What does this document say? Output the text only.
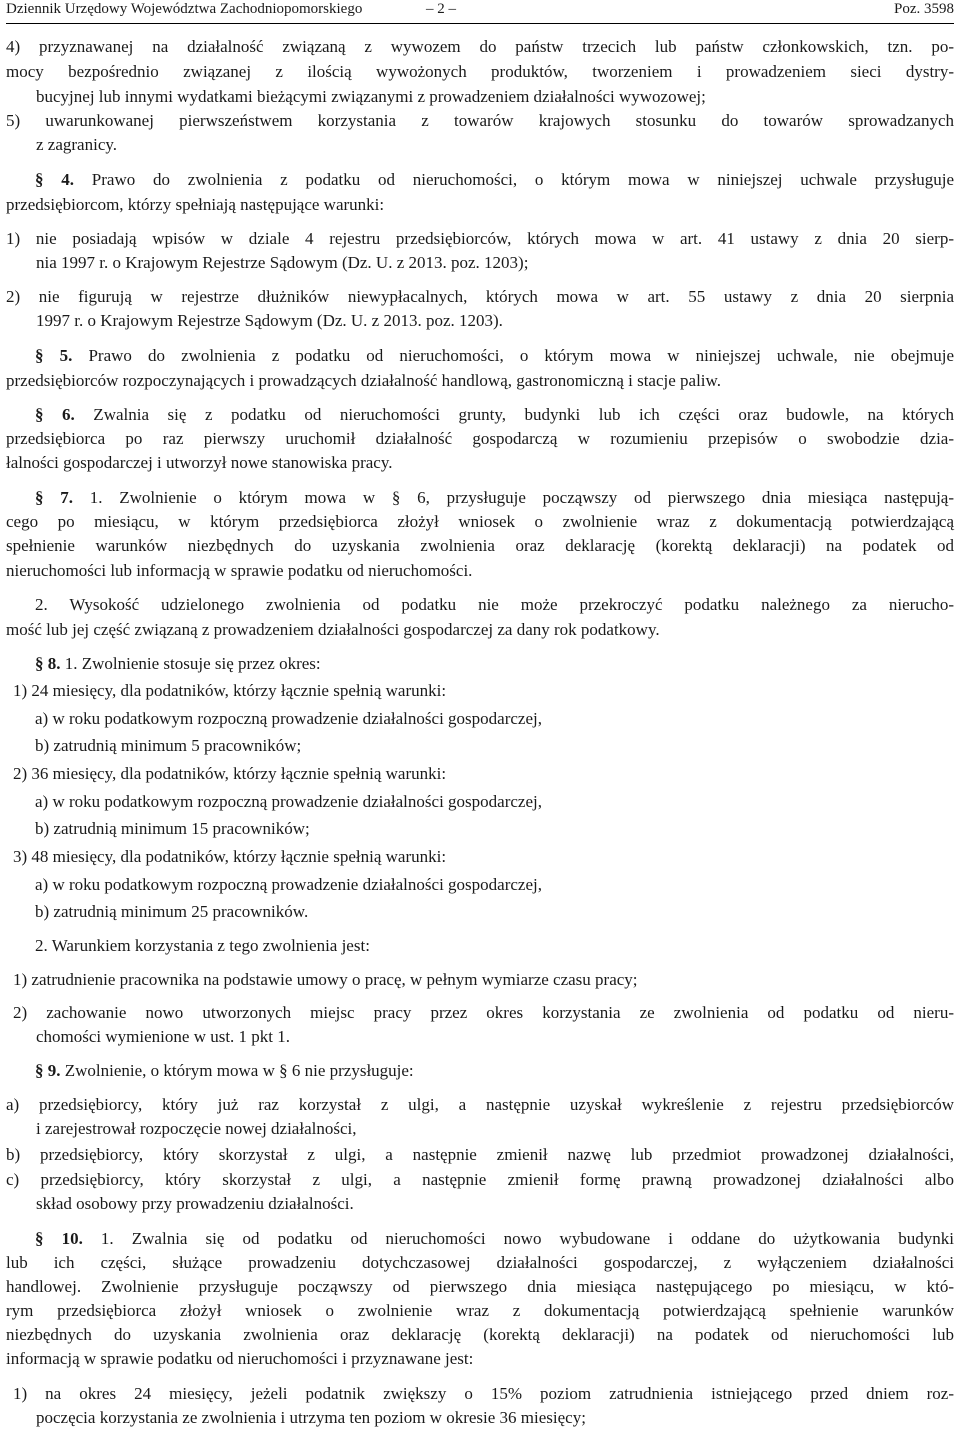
Dziennik Urzędowy Województwa Zachodniopomorskiego	– 2 –	Poz. 3598
4) przyznawanej na działalność związaną z wywozem do państw trzecich lub państw członkowskich, tzn. po-
mocy bezpośrednio związanej z ilością wywożonych produktów, tworzeniem i prowadzeniem sieci dystry-
bucyjnej lub innymi wydatkami bieżącymi związanymi z prowadzeniem działalności wywozowej;
5) uwarunkowanej pierwszeństwem korzystania z towarów krajowych stosunku do towarów sprowadzanych
z zagranicy.
§ 4. Prawo do zwolnienia z podatku od nieruchomości, o którym mowa w niniejszej uchwale przysługuje
przedsiębiorcom, którzy spełniają następujące warunki:
1) nie posiadają wpisów w dziale 4 rejestru przedsiębiorców, których mowa w art. 41 ustawy z dnia 20 sierp-
nia 1997 r. o Krajowym Rejestrze Sądowym (Dz. U. z 2013. poz. 1203);
2) nie figurują w rejestrze dłużników niewypłacalnych, których mowa w art. 55 ustawy z dnia 20 sierpnia
1997 r. o Krajowym Rejestrze Sądowym (Dz. U. z 2013. poz. 1203).
§ 5. Prawo do zwolnienia z podatku od nieruchomości, o którym mowa w niniejszej uchwale, nie obejmuje
przedsiębiorców rozpoczynających i prowadzących działalność handlową, gastronomiczną i stacje paliw.
§ 6. Zwalnia się z podatku od nieruchomości grunty, budynki lub ich części oraz budowle, na których
przedsiębiorca po raz pierwszy uruchomił działalność gospodarczą w rozumieniu przepisów o swobodzie dzia-
łalności gospodarczej i utworzył nowe stanowiska pracy.
§ 7. 1. Zwolnienie o którym mowa w § 6, przysługuje począwszy od pierwszego dnia miesiąca następują-
cego po miesiącu, w którym przedsiębiorca złożył wniosek o zwolnienie wraz z dokumentacją potwierdzającą
spełnienie warunków niezbędnych do uzyskania zwolnienia oraz deklarację (korektą deklaracji) na podatek od
nieruchomości lub informacją w sprawie podatku od nieruchomości.
2. Wysokość udzielonego zwolnienia od podatku nie może przekroczyć podatku należnego za nierucho-
mość lub jej część związaną z prowadzeniem działalności gospodarczej za dany rok podatkowy.
§ 8. 1. Zwolnienie stosuje się przez okres:
1) 24 miesięcy, dla podatników, którzy łącznie spełnią warunki:
a) w roku podatkowym rozpoczną prowadzenie działalności gospodarczej,
b) zatrudnią minimum 5 pracowników;
2) 36 miesięcy, dla podatników, którzy łącznie spełnią warunki:
a) w roku podatkowym rozpoczną prowadzenie działalności gospodarczej,
b) zatrudnią minimum 15 pracowników;
3) 48 miesięcy, dla podatników, którzy łącznie spełnią warunki:
a) w roku podatkowym rozpoczną prowadzenie działalności gospodarczej,
b) zatrudnią minimum 25 pracowników.
2. Warunkiem korzystania z tego zwolnienia jest:
1) zatrudnienie pracownika na podstawie umowy o pracę, w pełnym wymiarze czasu pracy;
2) zachowanie nowo utworzonych miejsc pracy przez okres korzystania ze zwolnienia od podatku od nieru-
chomości wymienione w ust. 1 pkt 1.
§ 9. Zwolnienie, o którym mowa w § 6 nie przysługuje:
a) przedsiębiorcy, który już raz korzystał z ulgi, a następnie uzyskał wykreślenie z rejestru przedsiębiorców
i zarejestrował rozpoczęcie nowej działalności,
b) przedsiębiorcy, który skorzystał z ulgi, a następnie zmienił nazwę lub przedmiot prowadzonej działalności,
c) przedsiębiorcy, który skorzystał z ulgi, a następnie zmienił formę prawną prowadzonej działalności albo
skład osobowy przy prowadzeniu działalności.
§ 10. 1. Zwalnia się od podatku od nieruchomości nowo wybudowane i oddane do użytkowania budynki
lub ich części, służące prowadzeniu dotychczasowej działalności gospodarczej, z wyłączeniem działalności
handlowej. Zwolnienie przysługuje począwszy od pierwszego dnia miesiąca następującego po miesiącu, w któ-
rym przedsiębiorca złożył wniosek o zwolnienie wraz z dokumentacją potwierdzającą spełnienie warunków
niezbędnych do uzyskania zwolnienia oraz deklarację (korektą deklaracji) na podatek od nieruchomości lub
informacją w sprawie podatku od nieruchomości i przyznawane jest:
1) na okres 24 miesięcy, jeżeli podatnik zwiększy o 15% poziom zatrudnienia istniejącego przed dniem roz-
poczęcia korzystania ze zwolnienia i utrzyma ten poziom w okresie 36 miesięcy;
